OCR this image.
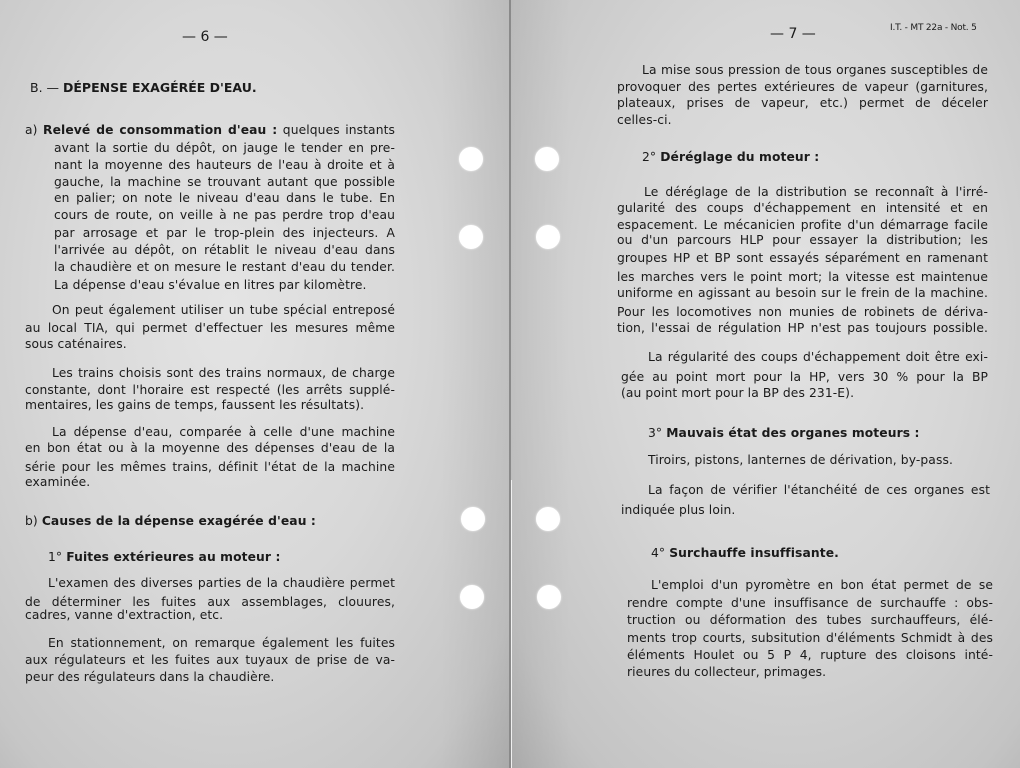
— 6 —
B. — DÉPENSE EXAGÉRÉE D'EAU.
a) Relevé de consommation d'eau : quelques instants
avant la sortie du dépôt, on jauge le tender en pre-
nant la moyenne des hauteurs de l'eau à droite et à
gauche, la machine se trouvant autant que possible
en palier; on note le niveau d'eau dans le tube. En
cours de route, on veille à ne pas perdre trop d'eau
par arrosage et par le trop-plein des injecteurs. A
l'arrivée au dépôt, on rétablit le niveau d'eau dans
la chaudière et on mesure le restant d'eau du tender.
La dépense d'eau s'évalue en litres par kilomètre.
On peut également utiliser un tube spécial entreposé
au local TIA, qui permet d'effectuer les mesures même
sous caténaires.
Les trains choisis sont des trains normaux, de charge
constante, dont l'horaire est respecté (les arrêts supplé-
mentaires, les gains de temps, faussent les résultats).
La dépense d'eau, comparée à celle d'une machine
en bon état ou à la moyenne des dépenses d'eau de la
série pour les mêmes trains, définit l'état de la machine
examinée.
b) Causes de la dépense exagérée d'eau :
1° Fuites extérieures au moteur :
L'examen des diverses parties de la chaudière permet
de déterminer les fuites aux assemblages, clouures,
cadres, vanne d'extraction, etc.
En stationnement, on remarque également les fuites
aux régulateurs et les fuites aux tuyaux de prise de va-
peur des régulateurs dans la chaudière.
— 7 —	I.T. - MT 22a - Not. 5
La mise sous pression de tous organes susceptibles de
provoquer des pertes extérieures de vapeur (garnitures,
plateaux, prises de vapeur, etc.) permet de déceler
celles-ci.
2° Déréglage du moteur :
Le déréglage de la distribution se reconnaît à l'irré-
gularité des coups d'échappement en intensité et en
espacement. Le mécanicien profite d'un démarrage facile
ou d'un parcours HLP pour essayer la distribution; les
groupes HP et BP sont essayés séparément en ramenant
les marches vers le point mort; la vitesse est maintenue
uniforme en agissant au besoin sur le frein de la machine.
Pour les locomotives non munies de robinets de dériva-
tion, l'essai de régulation HP n'est pas toujours possible.
La régularité des coups d'échappement doit être exi-
gée au point mort pour la HP, vers 30 % pour la BP
(au point mort pour la BP des 231-E).
3° Mauvais état des organes moteurs :
Tiroirs, pistons, lanternes de dérivation, by-pass.
La façon de vérifier l'étanchéité de ces organes est
indiquée plus loin.
4° Surchauffe insuffisante.
L'emploi d'un pyromètre en bon état permet de se
rendre compte d'une insuffisance de surchauffe : obs-
truction ou déformation des tubes surchauffeurs, élé-
ments trop courts, subsitution d'éléments Schmidt à des
éléments Houlet ou 5 P 4, rupture des cloisons inté-
rieures du collecteur, primages.
